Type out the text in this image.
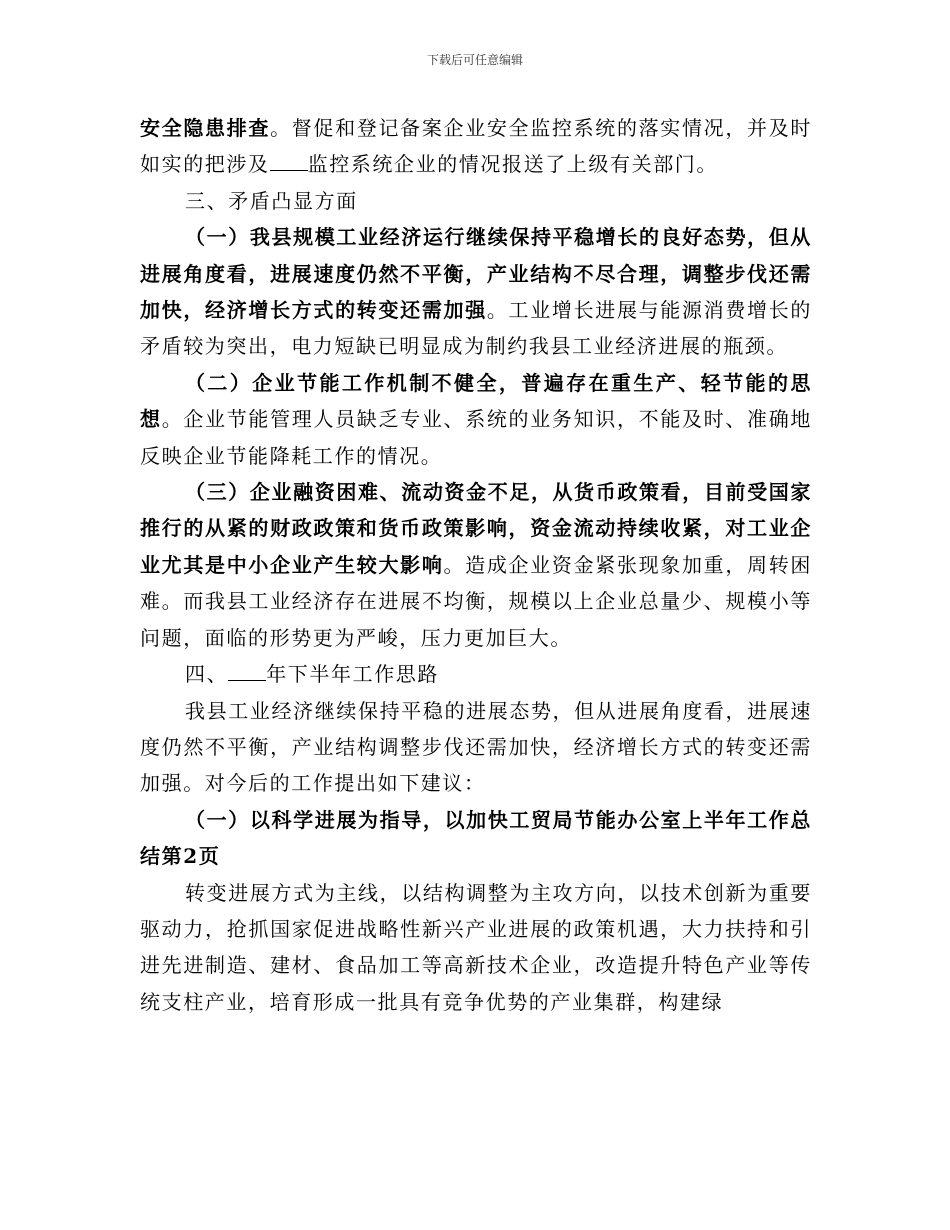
下载后可任意编辑

安全隐患排查。督促和登记备案企业安全监控系统的落实情况，并及时如实的把涉及 监控系统企业的情况报送了上级有关部门。

三、矛盾凸显方面

（一）我县规模工业经济运行继续保持平稳增长的良好态势，但从进展角度看，进展速度仍然不平衡，产业结构不尽合理，调整步伐还需加快，经济增长方式的转变还需加强。工业增长进展与能源消费增长的矛盾较为突出，电力短缺已明显成为制约我县工业经济进展的瓶颈。

（二）企业节能工作机制不健全，普遍存在重生产、轻节能的思想。企业节能管理人员缺乏专业、系统的业务知识，不能及时、准确地反映企业节能降耗工作的情况。

（三）企业融资困难、流动资金不足，从货币政策看，目前受国家推行的从紧的财政政策和货币政策影响，资金流动持续收紧，对工业企业尤其是中小企业产生较大影响。造成企业资金紧张现象加重，周转困难。而我县工业经济存在进展不均衡，规模以上企业总量少、规模小等问题，面临的形势更为严峻，压力更加巨大。

四、 年下半年工作思路

我县工业经济继续保持平稳的进展态势，但从进展角度看，进展速度仍然不平衡，产业结构调整步伐还需加快，经济增长方式的转变还需加强。对今后的工作提出如下建议：

（一）以科学进展为指导，以加快工贸局节能办公室上半年工作总结第2页

转变进展方式为主线，以结构调整为主攻方向，以技术创新为重要驱动力，抢抓国家促进战略性新兴产业进展的政策机遇，大力扶持和引进先进制造、建材、食品加工等高新技术企业，改造提升特色产业等传统支柱产业，培育形成一批具有竞争优势的产业集群，构建绿
